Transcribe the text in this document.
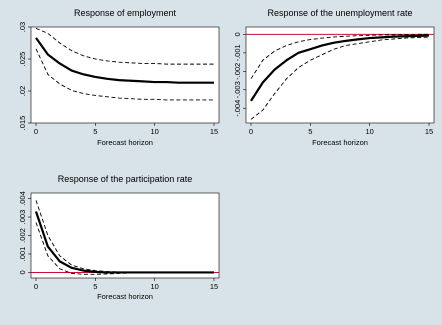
Response of employment
Forecast horizon
0	5	10	15
.015
.02
.025
.03
Response of the unemployment rate
Forecast horizon
0	5	10	15
-.004
-.003
-.002
-.001
0
Response of the participation rate
Forecast horizon
0	5	10	15
0
.001
.002
.003
.004
